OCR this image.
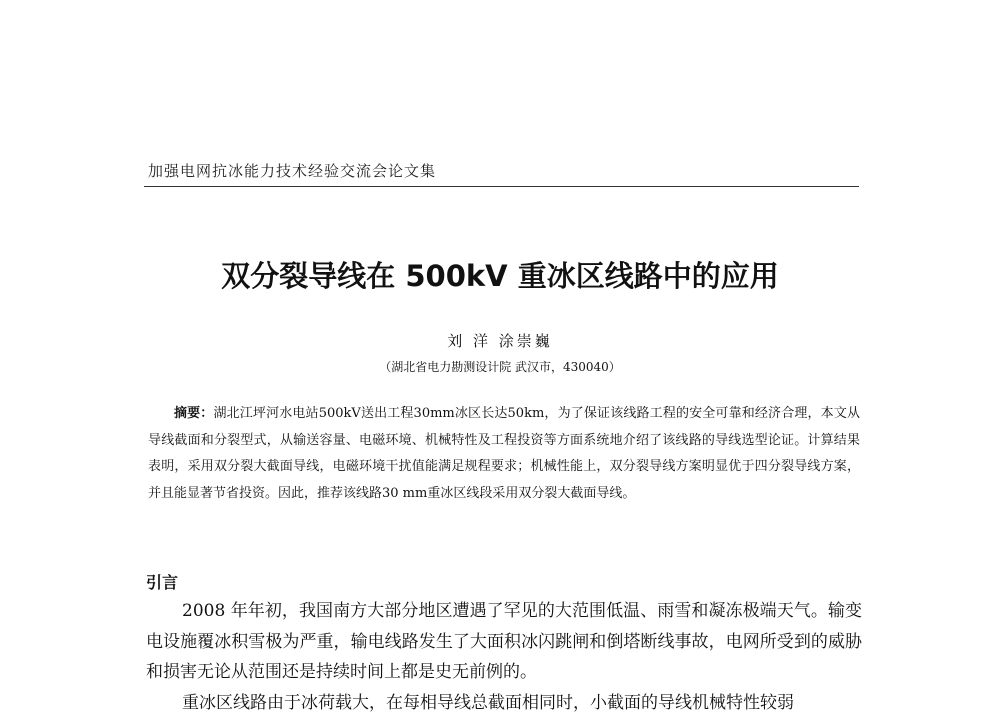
加强电网抗冰能力技术经验交流会论文集
双分裂导线在 500kV 重冰区线路中的应用
刘 洋 涂崇巍
（湖北省电力勘测设计院 武汉市，430040）

摘要：湖北江坪河水电站500kV送出工程30mm冰区长达50km，为了保证该线路工程的安全可靠和经济合理，本文从导线截面和分裂型式，从输送容量、电磁环境、机械特性及工程投资等方面系统地介绍了该线路的导线选型论证。计算结果表明，采用双分裂大截面导线，电磁环境干扰值能满足规程要求；机械性能上，双分裂导线方案明显优于四分裂导线方案，并且能显著节省投资。因此，推荐该线路30 mm重冰区线段采用双分裂大截面导线。

引言

2008 年年初，我国南方大部分地区遭遇了罕见的大范围低温、雨雪和凝冻极端天气。输变电设施覆冰积雪极为严重，输电线路发生了大面积冰闪跳闸和倒塔断线事故，电网所受到的威胁和损害无论从范围还是持续时间上都是史无前例的。

重冰区线路由于冰荷载大，在每相导线总截面相同时，小截面的导线机械特性较弱
